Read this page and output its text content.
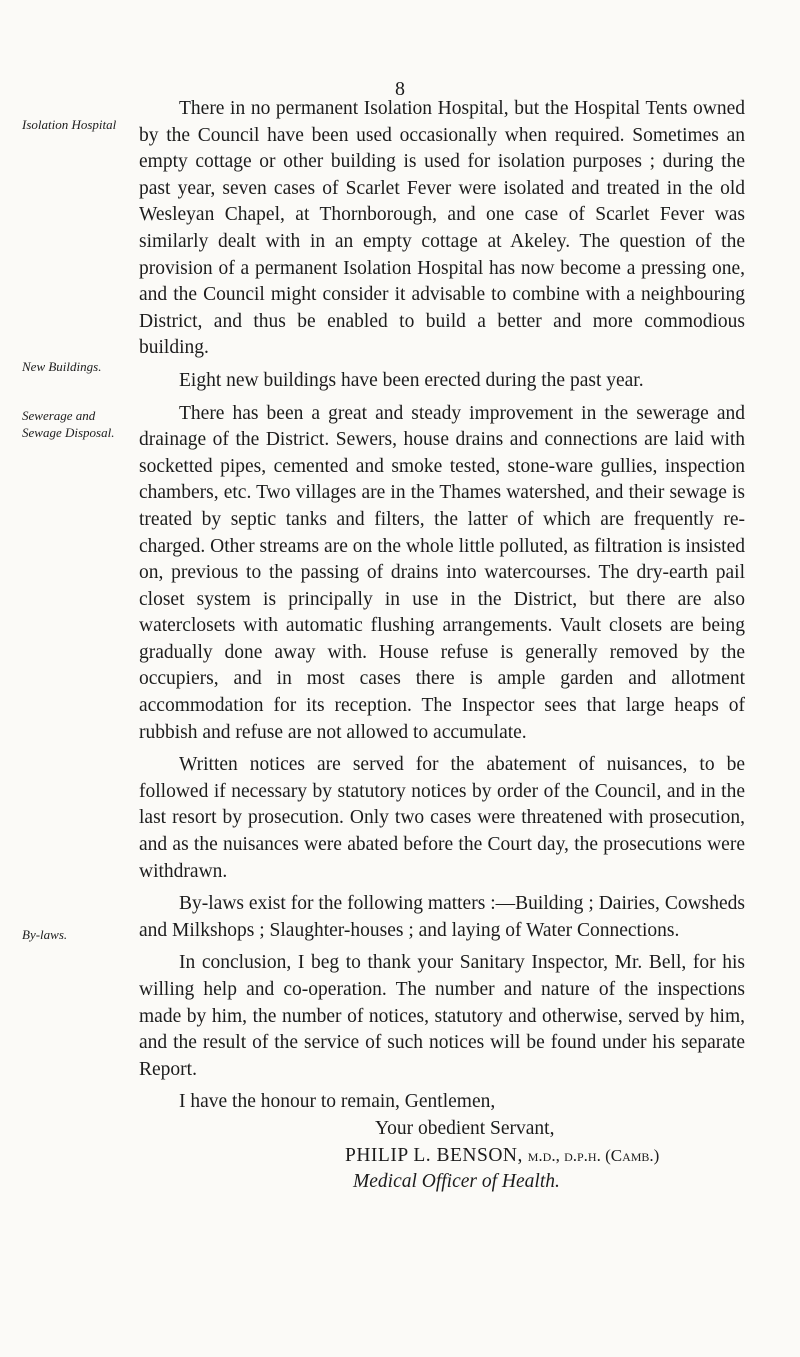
8
Isolation Hospital
New Buildings.
Sewerage and Sewage Disposal.
By-laws.

There in no permanent Isolation Hospital, but the Hospital Tents owned by the Council have been used occasionally when required. Sometimes an empty cottage or other building is used for isolation purposes ; during the past year, seven cases of Scarlet Fever were isolated and treated in the old Wesleyan Chapel, at Thornborough, and one case of Scarlet Fever was similarly dealt with in an empty cottage at Akeley. The question of the provision of a permanent Isolation Hospital has now become a pressing one, and the Council might consider it advisable to combine with a neighbouring District, and thus be enabled to build a better and more commodious building.

Eight new buildings have been erected during the past year.

There has been a great and steady improvement in the sewerage and drainage of the District. Sewers, house drains and connections are laid with socketted pipes, cemented and smoke tested, stone-ware gullies, inspection chambers, etc. Two villages are in the Thames watershed, and their sewage is treated by septic tanks and filters, the latter of which are frequently re-charged. Other streams are on the whole little polluted, as filtration is insisted on, previous to the passing of drains into watercourses. The dry-earth pail closet system is principally in use in the District, but there are also waterclosets with automatic flushing arrangements. Vault closets are being gradually done away with. House refuse is generally removed by the occupiers, and in most cases there is ample garden and allotment accommodation for its reception. The Inspector sees that large heaps of rubbish and refuse are not allowed to accumulate.

Written notices are served for the abatement of nuisances, to be followed if necessary by statutory notices by order of the Council, and in the last resort by prosecution. Only two cases were threatened with prosecution, and as the nuisances were abated before the Court day, the prosecutions were withdrawn.

By-laws exist for the following matters :—Building ; Dairies, Cowsheds and Milkshops ; Slaughter-houses ; and laying of Water Connections.

In conclusion, I beg to thank your Sanitary Inspector, Mr. Bell, for his willing help and co-operation. The number and nature of the inspections made by him, the number of notices, statutory and otherwise, served by him, and the result of the service of such notices will be found under his separate Report.

I have the honour to remain, Gentlemen,
Your obedient Servant,
PHILIP L. BENSON, m.d., d.p.h. (Camb.)
Medical Officer of Health.
